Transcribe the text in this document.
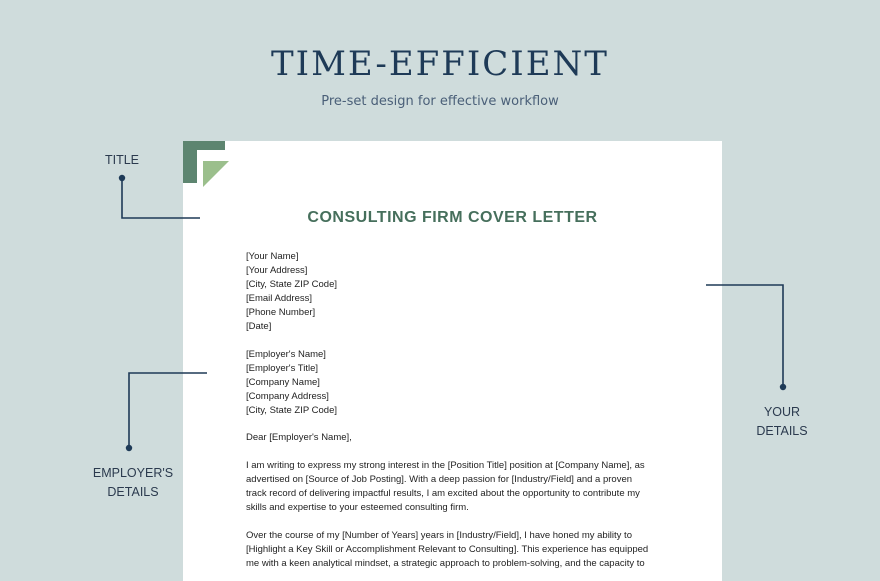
TIME-EFFICIENT
Pre-set design for effective workflow
CONSULTING FIRM COVER LETTER
[Your Name]
[Your Address]
[City, State ZIP Code]
[Email Address]
[Phone Number]
[Date]
[Employer's Name]
[Employer's Title]
[Company Name]
[Company Address]
[City, State ZIP Code]
Dear [Employer's Name],
I am writing to express my strong interest in the [Position Title] position at [Company Name], as
advertised on [Source of Job Posting]. With a deep passion for [Industry/Field] and a proven
track record of delivering impactful results, I am excited about the opportunity to contribute my
skills and expertise to your esteemed consulting firm.
Over the course of my [Number of Years] years in [Industry/Field], I have honed my ability to
[Highlight a Key Skill or Accomplishment Relevant to Consulting]. This experience has equipped
me with a keen analytical mindset, a strategic approach to problem-solving, and the capacity to
TITLE
YOUR
DETAILS
EMPLOYER'S
DETAILS
